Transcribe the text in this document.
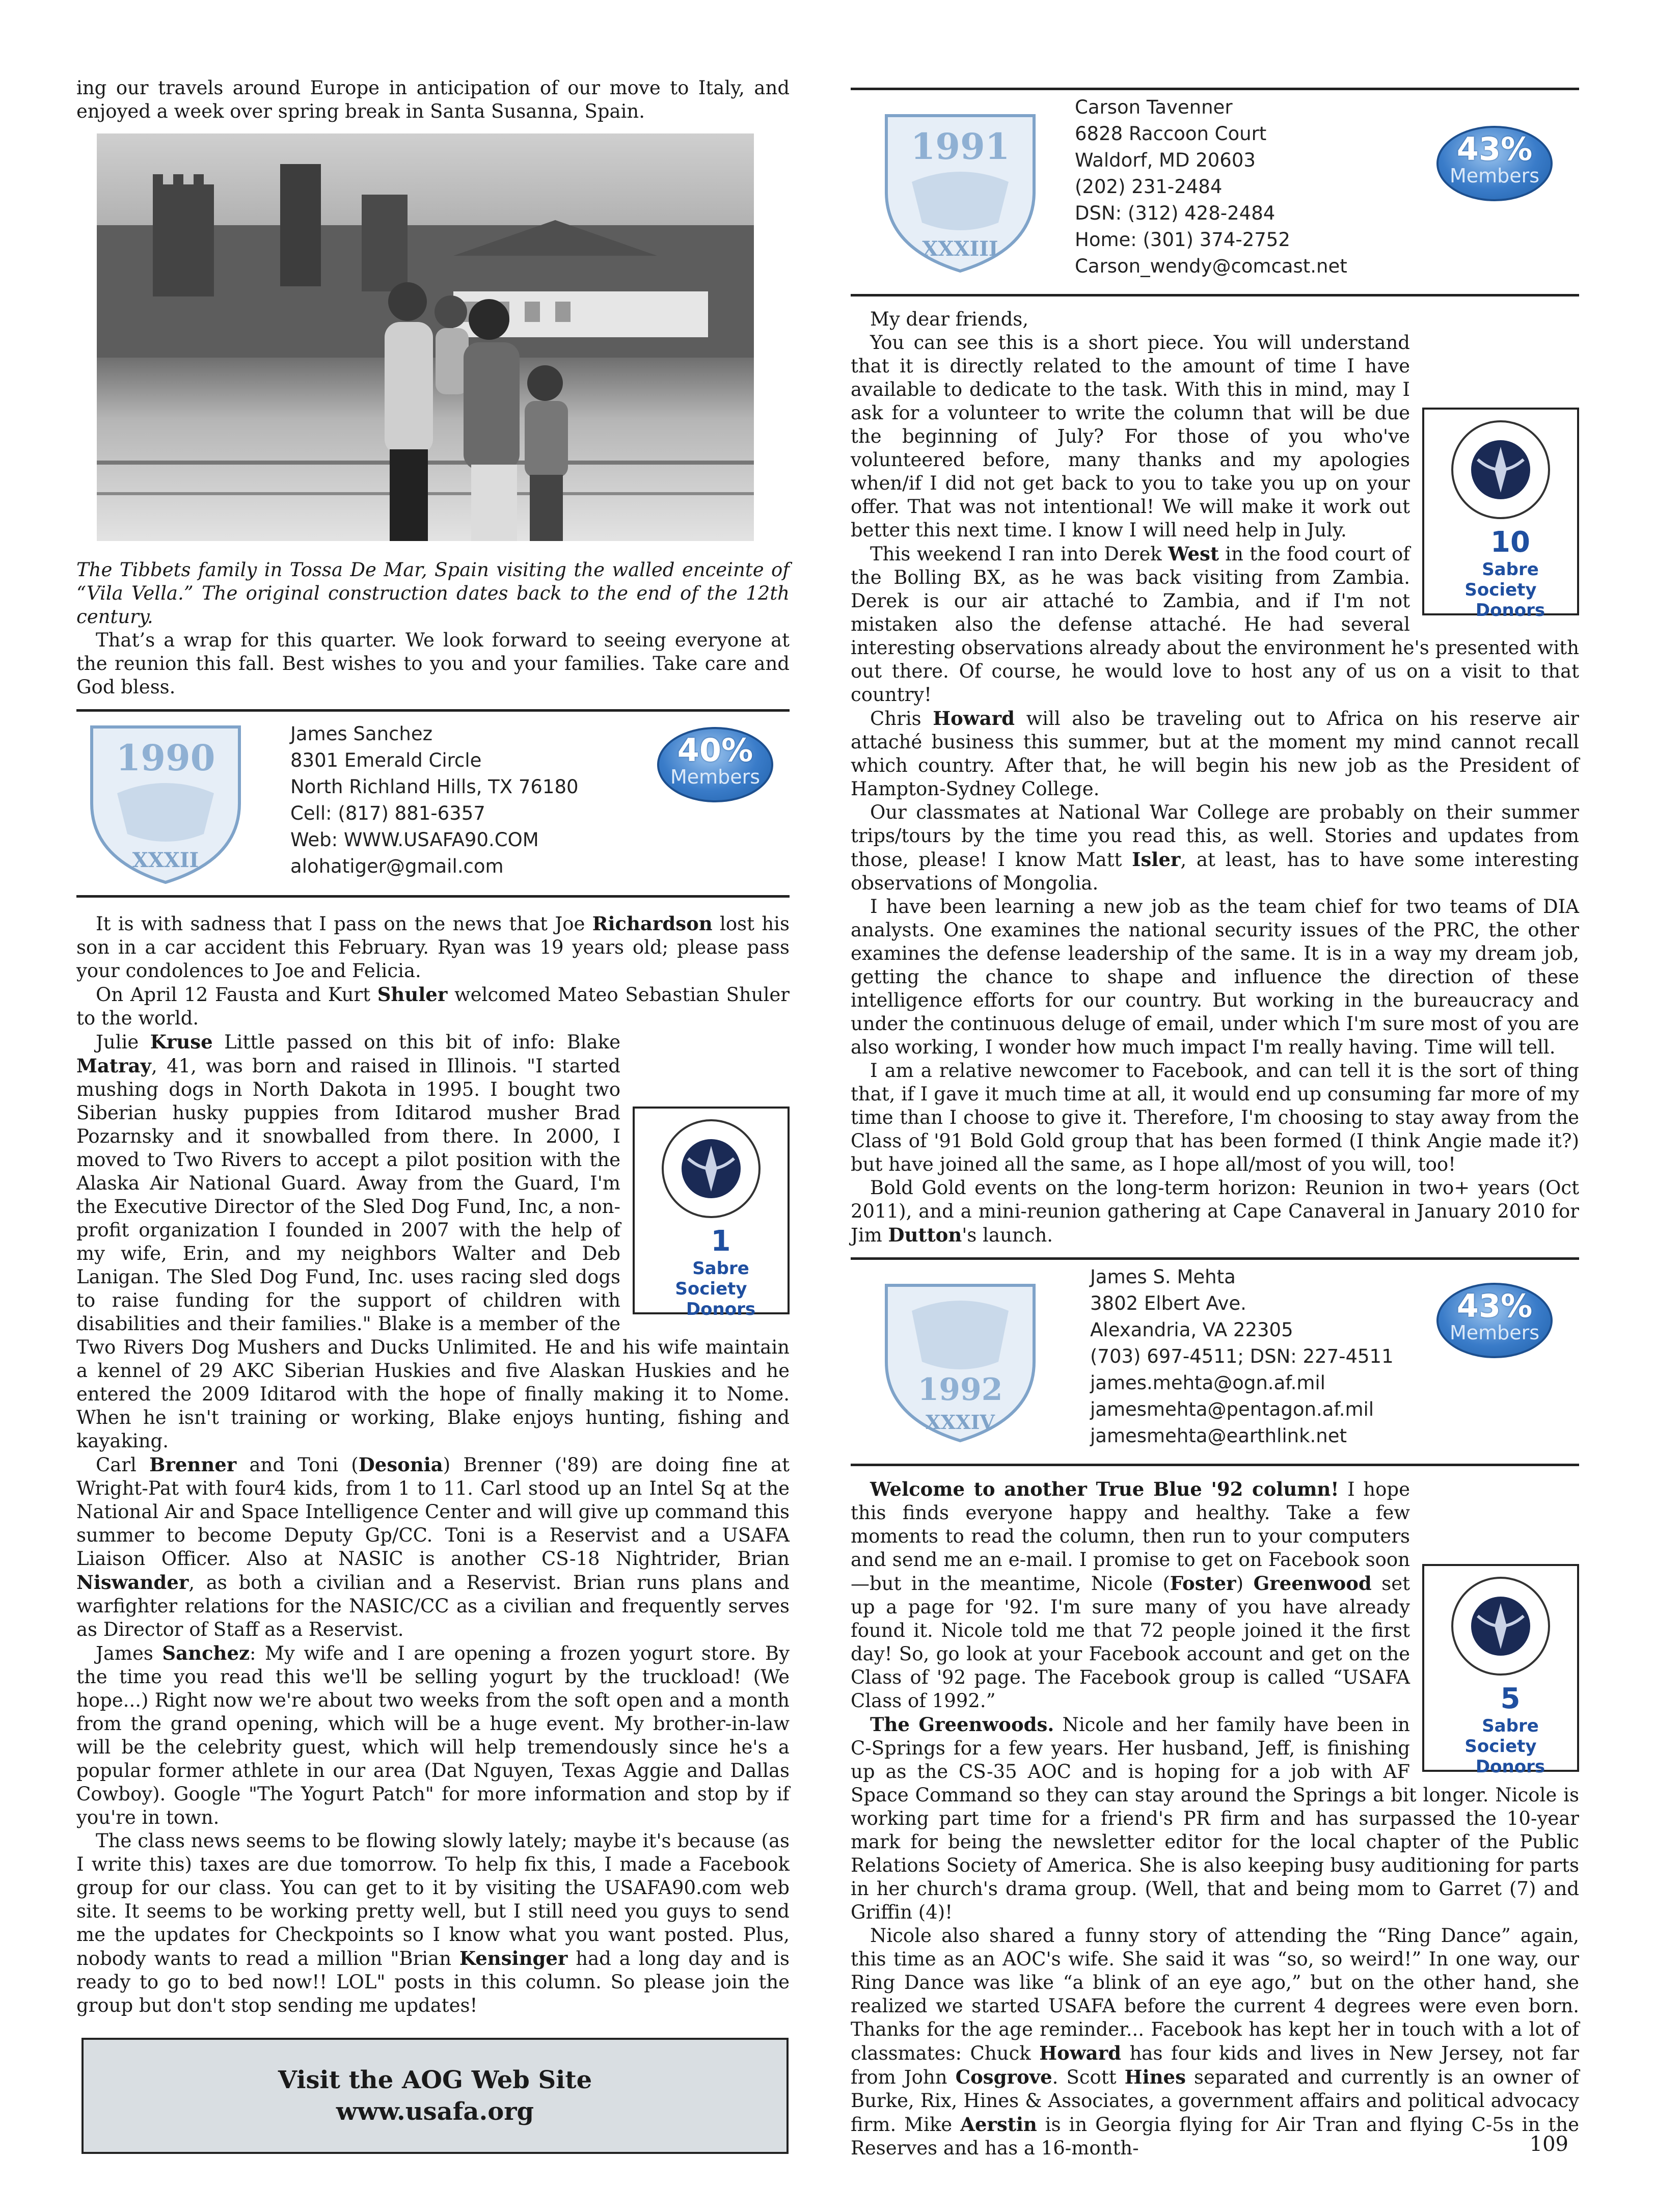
ing our travels around Europe in anticipation of our move to Italy, and enjoyed a week over spring break in Santa Susanna, Spain.

The Tibbets family in Tossa De Mar, Spain visiting the walled enceinte of “Vila Vella.” The original construction dates back to the end of the 12th century.

That’s a wrap for this quarter. We look forward to seeing everyone at the reunion this fall. Best wishes to you and your families. Take care and God bless.

1990
XXXII
James Sanchez
8301 Emerald Circle
North Richland Hills, TX 76180
Cell: (817) 881-6357
Web: WWW.USAFA90.COM
alohatiger@gmail.com
40%
Members

It is with sadness that I pass on the news that Joe Richardson lost his son in a car accident this February. Ryan was 19 years old; please pass your condolences to Joe and Felicia.

On April 12 Fausta and Kurt Shuler welcomed Mateo Sebastian Shuler to the world.

1
Sabre Society
Donors
Julie Kruse Little passed on this bit of info: Blake Matray, 41, was born and raised in Illinois. "I started mushing dogs in North Dakota in 1995. I bought two Siberian husky puppies from Iditarod musher Brad Pozarnsky and it snowballed from there. In 2000, I moved to Two Rivers to accept a pilot position with the Alaska Air National Guard. Away from the Guard, I'm the Executive Director of the Sled Dog Fund, Inc, a non-profit organization I founded in 2007 with the help of my wife, Erin, and my neighbors Walter and Deb Lanigan. The Sled Dog Fund, Inc. uses racing sled dogs to raise funding for the support of children with disabilities and their families." Blake is a member of the Two Rivers Dog Mushers and Ducks Unlimited. He and his wife maintain a kennel of 29 AKC Siberian Huskies and five Alaskan Huskies and he entered the 2009 Iditarod with the hope of finally making it to Nome. When he isn't training or working, Blake enjoys hunting, fishing and kayaking.

Carl Brenner and Toni (Desonia) Brenner ('89) are doing fine at Wright-Pat with four4 kids, from 1 to 11. Carl stood up an Intel Sq at the National Air and Space Intelligence Center and will give up command this summer to become Deputy Gp/CC. Toni is a Reservist and a USAFA Liaison Officer. Also at NASIC is another CS-18 Nightrider, Brian Niswander, as both a civilian and a Reservist. Brian runs plans and warfighter relations for the NASIC/CC as a civilian and frequently serves as Director of Staff as a Reservist.

James Sanchez: My wife and I are opening a frozen yogurt store. By the time you read this we'll be selling yogurt by the truckload! (We hope...) Right now we're about two weeks from the soft open and a month from the grand opening, which will be a huge event. My brother-in-law will be the celebrity guest, which will help tremendously since he's a popular former athlete in our area (Dat Nguyen, Texas Aggie and Dallas Cowboy). Google "The Yogurt Patch" for more information and stop by if you're in town.

The class news seems to be flowing slowly lately; maybe it's because (as I write this) taxes are due tomorrow. To help fix this, I made a Facebook group for our class. You can get to it by visiting the USAFA90.com web site. It seems to be working pretty well, but I still need you guys to send me the updates for Checkpoints so I know what you want posted. Plus, nobody wants to read a million "Brian Kensinger had a long day and is ready to go to bed now!! LOL" posts in this column. So please join the group but don't stop sending me updates!

Visit the AOG Web Site
www.usafa.org
1991
XXXIII
Carson Tavenner
6828 Raccoon Court
Waldorf, MD 20603
(202) 231-2484
DSN: (312) 428-2484
Home: (301) 374-2752
Carson_wendy@comcast.net
43%
Members

My dear friends,

10
Sabre Society
Donors
You can see this is a short piece. You will understand that it is directly related to the amount of time I have available to dedicate to the task. With this in mind, may I ask for a volunteer to write the column that will be due the beginning of July? For those of you who've volunteered before, many thanks and my apologies when/if I did not get back to you to take you up on your offer. That was not intentional! We will make it work out better this next time. I know I will need help in July.

This weekend I ran into Derek West in the food court of the Bolling BX, as he was back visiting from Zambia. Derek is our air attaché to Zambia, and if I'm not mistaken also the defense attaché. He had several interesting observations already about the environment he's presented with out there. Of course, he would love to host any of us on a visit to that country!

Chris Howard will also be traveling out to Africa on his reserve air attaché business this summer, but at the moment my mind cannot recall which country. After that, he will begin his new job as the President of Hampton-Sydney College.

Our classmates at National War College are probably on their summer trips/tours by the time you read this, as well. Stories and updates from those, please! I know Matt Isler, at least, has to have some interesting observations of Mongolia.

I have been learning a new job as the team chief for two teams of DIA analysts. One examines the national security issues of the PRC, the other examines the defense leadership of the same. It is in a way my dream job, getting the chance to shape and influence the direction of these intelligence efforts for our country. But working in the bureaucracy and under the continuous deluge of email, under which I'm sure most of you are also working, I wonder how much impact I'm really having. Time will tell.

I am a relative newcomer to Facebook, and can tell it is the sort of thing that, if I gave it much time at all, it would end up consuming far more of my time than I choose to give it. Therefore, I'm choosing to stay away from the Class of '91 Bold Gold group that has been formed (I think Angie made it?) but have joined all the same, as I hope all/most of you will, too!

Bold Gold events on the long-term horizon: Reunion in two+ years (Oct 2011), and a mini-reunion gathering at Cape Canaveral in January 2010 for Jim Dutton's launch.

1992
XXXIV
James S. Mehta
3802 Elbert Ave.
Alexandria, VA 22305
(703) 697-4511; DSN: 227-4511
james.mehta@ogn.af.mil
jamesmehta@pentagon.af.mil
jamesmehta@earthlink.net
43%
Members

5
Sabre Society
Donors
Welcome to another True Blue '92 column! I hope this finds everyone happy and healthy. Take a few moments to read the column, then run to your computers and send me an e-mail. I promise to get on Facebook soon—but in the meantime, Nicole (Foster) Greenwood set up a page for '92. I'm sure many of you have already found it. Nicole told me that 72 people joined it the first day! So, go look at your Facebook account and get on the Class of '92 page. The Facebook group is called “USAFA Class of 1992.”

The Greenwoods. Nicole and her family have been in C-Springs for a few years. Her husband, Jeff, is finishing up as the CS-35 AOC and is hoping for a job with AF Space Command so they can stay around the Springs a bit longer. Nicole is working part time for a friend's PR firm and has surpassed the 10-year mark for being the newsletter editor for the local chapter of the Public Relations Society of America. She is also keeping busy auditioning for parts in her church's drama group. (Well, that and being mom to Garret (7) and Griffin (4)!

Nicole also shared a funny story of attending the “Ring Dance” again, this time as an AOC's wife. She said it was “so, so weird!” In one way, our Ring Dance was like “a blink of an eye ago,” but on the other hand, she realized we started USAFA before the current 4 degrees were even born. Thanks for the age reminder... Facebook has kept her in touch with a lot of classmates: Chuck Howard has four kids and lives in New Jersey, not far from John Cosgrove. Scott Hines separated and currently is an owner of Burke, Rix, Hines & Associates, a government affairs and political advocacy firm. Mike Aerstin is in Georgia flying for Air Tran and flying C-5s in the Reserves and has a 16-month-	109
